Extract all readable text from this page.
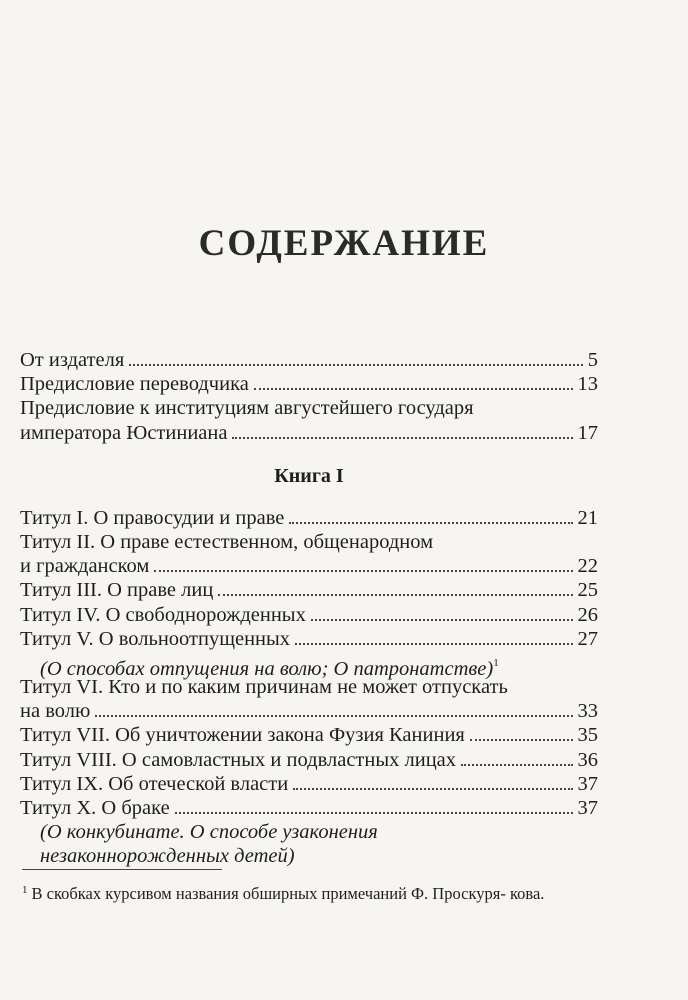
СОДЕРЖАНИЕ
От издателя	5
Предисловие переводчика	13
Предисловие к институциям августейшего государя
императора Юстиниана	17
Книга I
Титул I. О правосудии и праве	21
Титул II. О праве естественном, общенародном
и гражданском	22
Титул III. О праве лиц	25
Титул IV. О свободнорожденных	26
Титул V. О вольноотпущенных	27
(О способах отпущения на волю; О патронатстве)$^1$
Титул VI. Кто и по каким причинам не может отпускать
на волю	33
Титул VII. Об уничтожении закона Фузия Каниния	35
Титул VIII. О самовластных и подвластных лицах	36
Титул IX. Об отеческой власти	37
Титул X. О браке	37
(О конкубинате. О способе узаконения
незаконнорожденных детей)
$^1$ В скобках курсивом названия обширных примечаний Ф. Проскуря- кова.
